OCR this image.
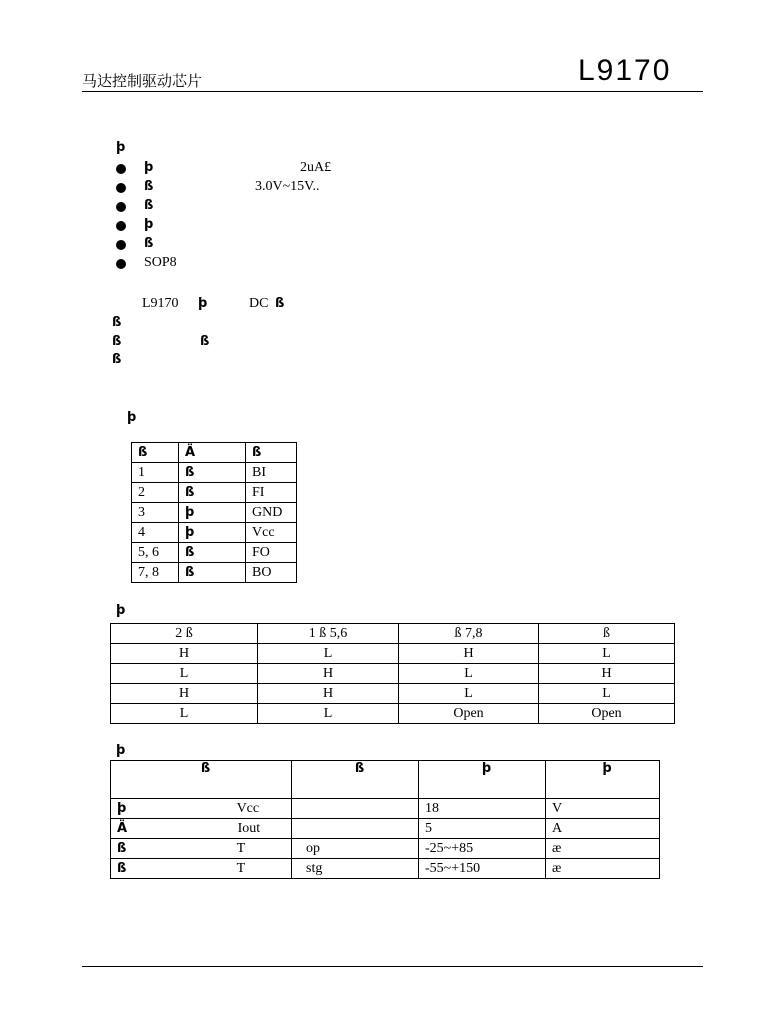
马达控制驱动芯片	L9170
þ
þ	2uA£
ß	3.0V~15V..
ß
þ
ß
SOP8
L9170 þ	DC ß
ß
ß	ß
ß
þ
ß	Ä	ß
1	ß	BI
2	ß	FI
3	þ	GND
4	þ	Vcc
5, 6	ß	FO
7, 8	ß	BO
þ
2 ß	1 ß 5,6	ß 7,8	ß
H	L	H	L
L	H	L	H
H	H	L	L
L	L	Open	Open
þ
ß	ß	þ	þ
þ Vcc		18	V
Ä Iout		5	A
ß T	op	-25~+85	æ
ß T	stg	-55~+150	æ
